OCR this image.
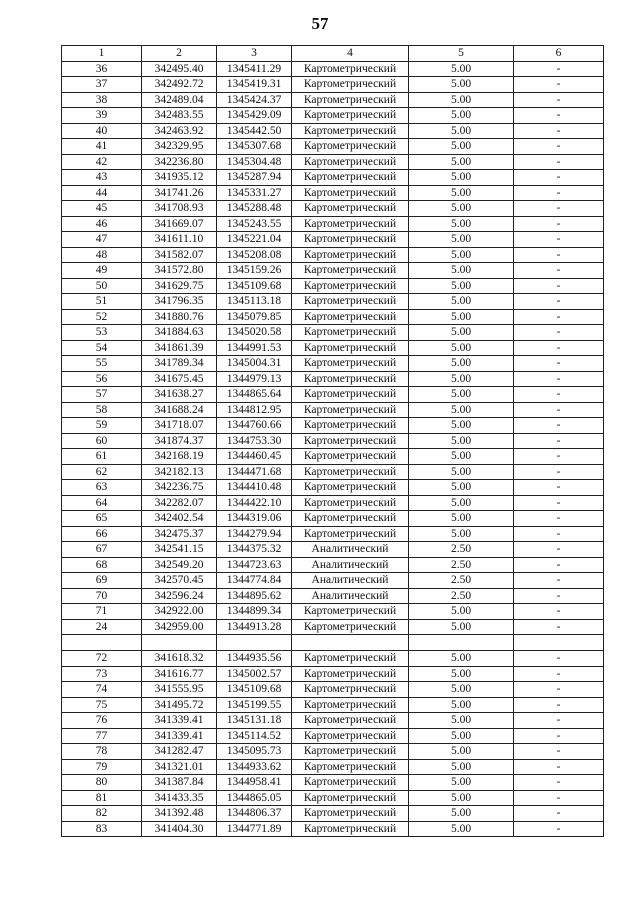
57
1	2	3	4	5	6
36	342495.40	1345411.29	Картометрический	5.00	-
37	342492.72	1345419.31	Картометрический	5.00	-
38	342489.04	1345424.37	Картометрический	5.00	-
39	342483.55	1345429.09	Картометрический	5.00	-
40	342463.92	1345442.50	Картометрический	5.00	-
41	342329.95	1345307.68	Картометрический	5.00	-
42	342236.80	1345304.48	Картометрический	5.00	-
43	341935.12	1345287.94	Картометрический	5.00	-
44	341741.26	1345331.27	Картометрический	5.00	-
45	341708.93	1345288.48	Картометрический	5.00	-
46	341669.07	1345243.55	Картометрический	5.00	-
47	341611.10	1345221.04	Картометрический	5.00	-
48	341582.07	1345208.08	Картометрический	5.00	-
49	341572.80	1345159.26	Картометрический	5.00	-
50	341629.75	1345109.68	Картометрический	5.00	-
51	341796.35	1345113.18	Картометрический	5.00	-
52	341880.76	1345079.85	Картометрический	5.00	-
53	341884.63	1345020.58	Картометрический	5.00	-
54	341861.39	1344991.53	Картометрический	5.00	-
55	341789.34	1345004.31	Картометрический	5.00	-
56	341675.45	1344979.13	Картометрический	5.00	-
57	341638.27	1344865.64	Картометрический	5.00	-
58	341688.24	1344812.95	Картометрический	5.00	-
59	341718.07	1344760.66	Картометрический	5.00	-
60	341874.37	1344753.30	Картометрический	5.00	-
61	342168.19	1344460.45	Картометрический	5.00	-
62	342182.13	1344471.68	Картометрический	5.00	-
63	342236.75	1344410.48	Картометрический	5.00	-
64	342282.07	1344422.10	Картометрический	5.00	-
65	342402.54	1344319.06	Картометрический	5.00	-
66	342475.37	1344279.94	Картометрический	5.00	-
67	342541.15	1344375.32	Аналитический	2.50	-
68	342549.20	1344723.63	Аналитический	2.50	-
69	342570.45	1344774.84	Аналитический	2.50	-
70	342596.24	1344895.62	Аналитический	2.50	-
71	342922.00	1344899.34	Картометрический	5.00	-
24	342959.00	1344913.28	Картометрический	5.00	-

72	341618.32	1344935.56	Картометрический	5.00	-
73	341616.77	1345002.57	Картометрический	5.00	-
74	341555.95	1345109.68	Картометрический	5.00	-
75	341495.72	1345199.55	Картометрический	5.00	-
76	341339.41	1345131.18	Картометрический	5.00	-
77	341339.41	1345114.52	Картометрический	5.00	-
78	341282.47	1345095.73	Картометрический	5.00	-
79	341321.01	1344933.62	Картометрический	5.00	-
80	341387.84	1344958.41	Картометрический	5.00	-
81	341433.35	1344865.05	Картометрический	5.00	-
82	341392.48	1344806.37	Картометрический	5.00	-
83	341404.30	1344771.89	Картометрический	5.00	-
